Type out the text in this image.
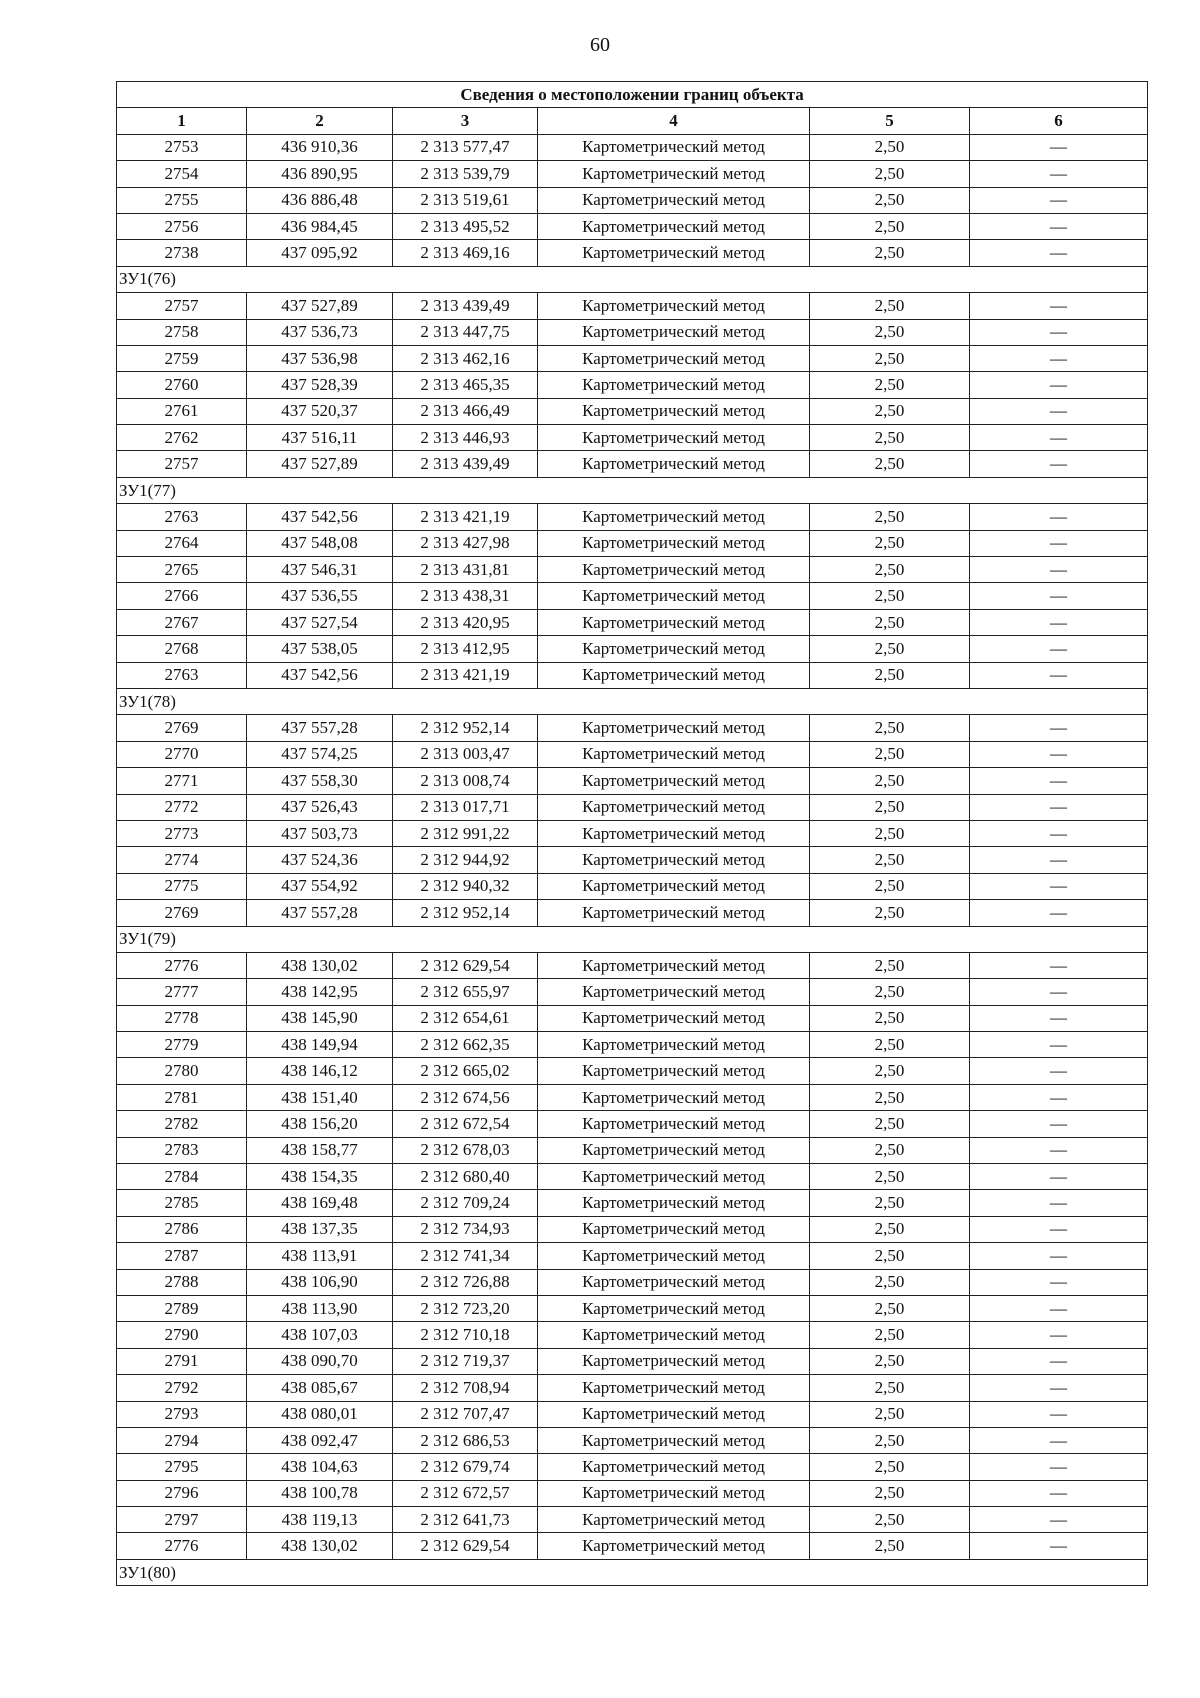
60
Сведения о местоположении границ объекта					
1	2	3	4	5	6
2753	436 910,36	2 313 577,47	Картометрический метод	2,50	—
2754	436 890,95	2 313 539,79	Картометрический метод	2,50	—
2755	436 886,48	2 313 519,61	Картометрический метод	2,50	—
2756	436 984,45	2 313 495,52	Картометрический метод	2,50	—
2738	437 095,92	2 313 469,16	Картометрический метод	2,50	—
ЗУ1(76)					
2757	437 527,89	2 313 439,49	Картометрический метод	2,50	—
2758	437 536,73	2 313 447,75	Картометрический метод	2,50	—
2759	437 536,98	2 313 462,16	Картометрический метод	2,50	—
2760	437 528,39	2 313 465,35	Картометрический метод	2,50	—
2761	437 520,37	2 313 466,49	Картометрический метод	2,50	—
2762	437 516,11	2 313 446,93	Картометрический метод	2,50	—
2757	437 527,89	2 313 439,49	Картометрический метод	2,50	—
ЗУ1(77)					
2763	437 542,56	2 313 421,19	Картометрический метод	2,50	—
2764	437 548,08	2 313 427,98	Картометрический метод	2,50	—
2765	437 546,31	2 313 431,81	Картометрический метод	2,50	—
2766	437 536,55	2 313 438,31	Картометрический метод	2,50	—
2767	437 527,54	2 313 420,95	Картометрический метод	2,50	—
2768	437 538,05	2 313 412,95	Картометрический метод	2,50	—
2763	437 542,56	2 313 421,19	Картометрический метод	2,50	—
ЗУ1(78)					
2769	437 557,28	2 312 952,14	Картометрический метод	2,50	—
2770	437 574,25	2 313 003,47	Картометрический метод	2,50	—
2771	437 558,30	2 313 008,74	Картометрический метод	2,50	—
2772	437 526,43	2 313 017,71	Картометрический метод	2,50	—
2773	437 503,73	2 312 991,22	Картометрический метод	2,50	—
2774	437 524,36	2 312 944,92	Картометрический метод	2,50	—
2775	437 554,92	2 312 940,32	Картометрический метод	2,50	—
2769	437 557,28	2 312 952,14	Картометрический метод	2,50	—
ЗУ1(79)					
2776	438 130,02	2 312 629,54	Картометрический метод	2,50	—
2777	438 142,95	2 312 655,97	Картометрический метод	2,50	—
2778	438 145,90	2 312 654,61	Картометрический метод	2,50	—
2779	438 149,94	2 312 662,35	Картометрический метод	2,50	—
2780	438 146,12	2 312 665,02	Картометрический метод	2,50	—
2781	438 151,40	2 312 674,56	Картометрический метод	2,50	—
2782	438 156,20	2 312 672,54	Картометрический метод	2,50	—
2783	438 158,77	2 312 678,03	Картометрический метод	2,50	—
2784	438 154,35	2 312 680,40	Картометрический метод	2,50	—
2785	438 169,48	2 312 709,24	Картометрический метод	2,50	—
2786	438 137,35	2 312 734,93	Картометрический метод	2,50	—
2787	438 113,91	2 312 741,34	Картометрический метод	2,50	—
2788	438 106,90	2 312 726,88	Картометрический метод	2,50	—
2789	438 113,90	2 312 723,20	Картометрический метод	2,50	—
2790	438 107,03	2 312 710,18	Картометрический метод	2,50	—
2791	438 090,70	2 312 719,37	Картометрический метод	2,50	—
2792	438 085,67	2 312 708,94	Картометрический метод	2,50	—
2793	438 080,01	2 312 707,47	Картометрический метод	2,50	—
2794	438 092,47	2 312 686,53	Картометрический метод	2,50	—
2795	438 104,63	2 312 679,74	Картометрический метод	2,50	—
2796	438 100,78	2 312 672,57	Картометрический метод	2,50	—
2797	438 119,13	2 312 641,73	Картометрический метод	2,50	—
2776	438 130,02	2 312 629,54	Картометрический метод	2,50	—
ЗУ1(80)					
